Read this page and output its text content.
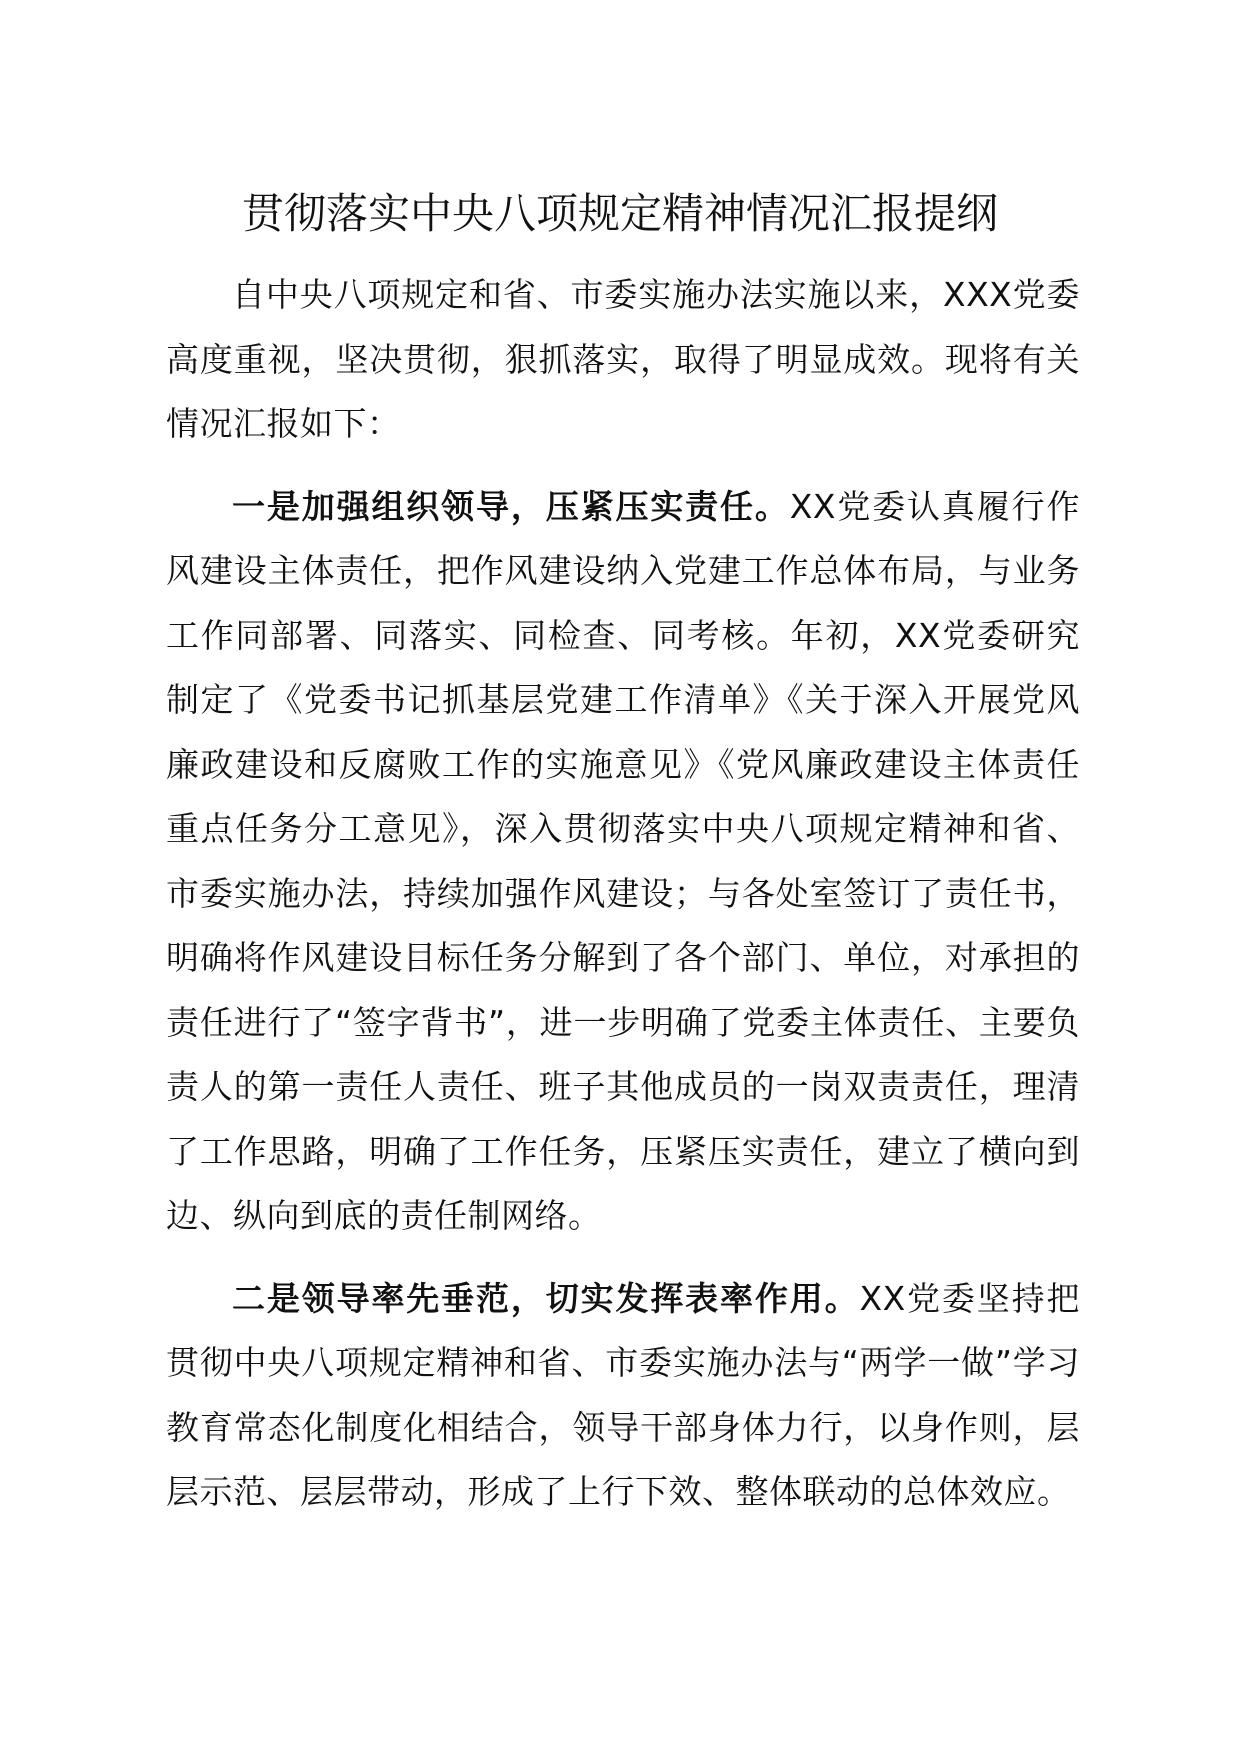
贯彻落实中央八项规定精神情况汇报提纲

自中央八项规定和省、市委实施办法实施以来，XXX党委高度重视，坚决贯彻，狠抓落实，取得了明显成效。现将有关情况汇报如下：

一是加强组织领导，压紧压实责任。XX党委认真履行作风建设主体责任，把作风建设纳入党建工作总体布局，与业务工作同部署、同落实、同检查、同考核。年初，XX党委研究制定了《党委书记抓基层党建工作清单》《关于深入开展党风廉政建设和反腐败工作的实施意见》《党风廉政建设主体责任重点任务分工意见》，深入贯彻落实中央八项规定精神和省、市委实施办法，持续加强作风建设；与各处室签订了责任书，明确将作风建设目标任务分解到了各个部门、单位，对承担的责任进行了“签字背书”，进一步明确了党委主体责任、主要负责人的第一责任人责任、班子其他成员的一岗双责责任，理清了工作思路，明确了工作任务，压紧压实责任，建立了横向到边、纵向到底的责任制网络。

二是领导率先垂范，切实发挥表率作用。XX党委坚持把贯彻中央八项规定精神和省、市委实施办法与“两学一做”学习教育常态化制度化相结合，领导干部身体力行，以身作则，层层示范、层层带动，形成了上行下效、整体联动的总体效应。
